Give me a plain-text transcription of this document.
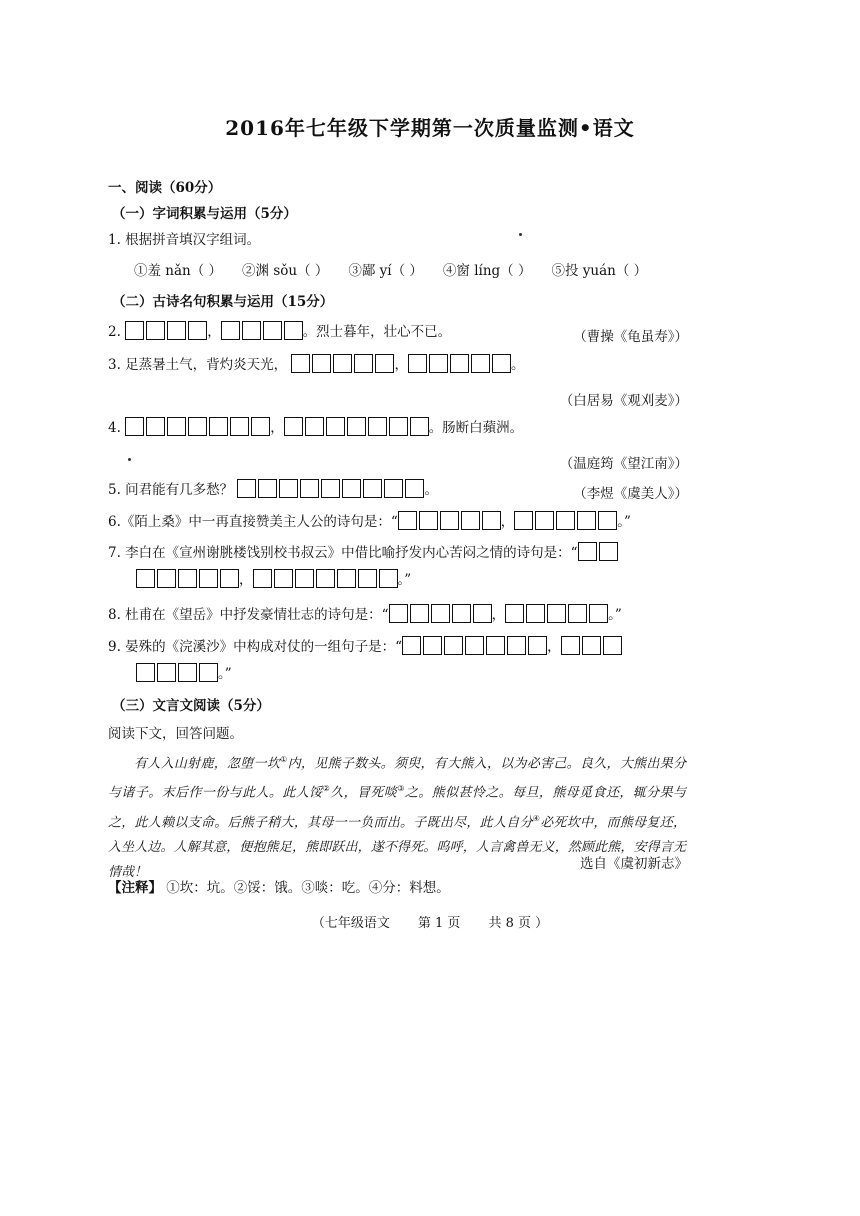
2016年七年级下学期第一次质量监测•语文
一、阅读（60分）
（一）字词积累与运用（5分）
1. 根据拼音填汉字组词。
①羞 nǎn（ ） ②渊 sǒu（ ） ③鄙 yí（ ） ④窗 líng（ ） ⑤投 yuán（ ）
（二）古诗名句积累与运用（15分）
2.	，	。烈士暮年，壮心不已。	（曹操《龟虽寿》）
3. 足蒸暑土气，背灼炎天光，	，	。
（白居易《观刈麦》）
4.	，	。肠断白蘋洲。
（温庭筠《望江南》）
5. 问君能有几多愁？	。	（李煜《虞美人》）
6.《陌上桑》中一再直接赞美主人公的诗句是：“	，	。”
7. 李白在《宣州谢朓楼饯别校书叔云》中借比喻抒发内心苦闷之情的诗句是：“
，	。”
8. 杜甫在《望岳》中抒发豪情壮志的诗句是：“	，	。”
9. 晏殊的《浣溪沙》中构成对仗的一组句子是：“	，
。”
（三）文言文阅读（5分）
阅读下文，回答问题。
有人入山射鹿，忽堕一坎①内，见熊子数头。须臾，有大熊入，以为必害己。良久，大熊出果分与诸子。末后作一份与此人。此人馁②久，冒死啖③之。熊似甚怜之。每旦，熊母觅食还，辄分果与之，此人赖以支命。后熊子稍大，其母一一负而出。子既出尽，此人自分④必死坎中，而熊母复还，入坐人边。人解其意，便抱熊足，熊即跃出，遂不得死。呜呼，人言禽兽无义，然顾此熊，安得言无情哉！
选自《虞初新志》
【注释】 ①坎：坑。②馁：饿。③啖：吃。④分：料想。
（七年级语文 第 1 页 共 8 页 ）
